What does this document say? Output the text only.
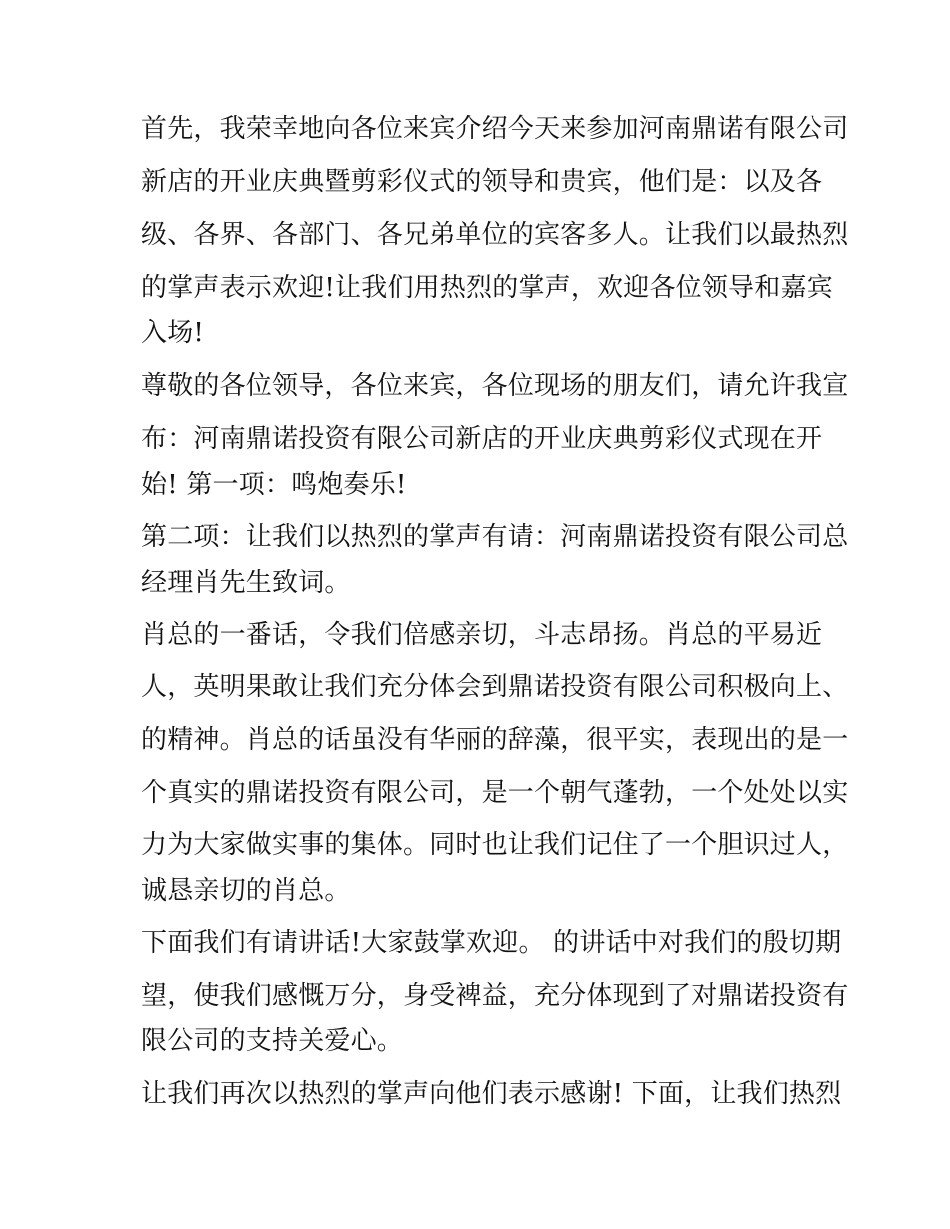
首先，我荣幸地向各位来宾介绍今天来参加河南鼎诺有限公司
新店的开业庆典暨剪彩仪式的领导和贵宾，他们是：以及各
级、各界、各部门、各兄弟单位的宾客多人。让我们以最热烈
的掌声表示欢迎!让我们用热烈的掌声，欢迎各位领导和嘉宾
入场!
尊敬的各位领导，各位来宾，各位现场的朋友们，请允许我宣
布：河南鼎诺投资有限公司新店的开业庆典剪彩仪式现在开
始! 第一项：鸣炮奏乐!
第二项：让我们以热烈的掌声有请：河南鼎诺投资有限公司总
经理肖先生致词。
肖总的一番话，令我们倍感亲切，斗志昂扬。肖总的平易近
人，英明果敢让我们充分体会到鼎诺投资有限公司积极向上、
的精神。肖总的话虽没有华丽的辞藻，很平实，表现出的是一
个真实的鼎诺投资有限公司，是一个朝气蓬勃，一个处处以实
力为大家做实事的集体。同时也让我们记住了一个胆识过人，
诚恳亲切的肖总。
下面我们有请讲话!大家鼓掌欢迎。 的讲话中对我们的殷切期
望，使我们感慨万分，身受裨益，充分体现到了对鼎诺投资有
限公司的支持关爱心。
让我们再次以热烈的掌声向他们表示感谢! 下面，让我们热烈
